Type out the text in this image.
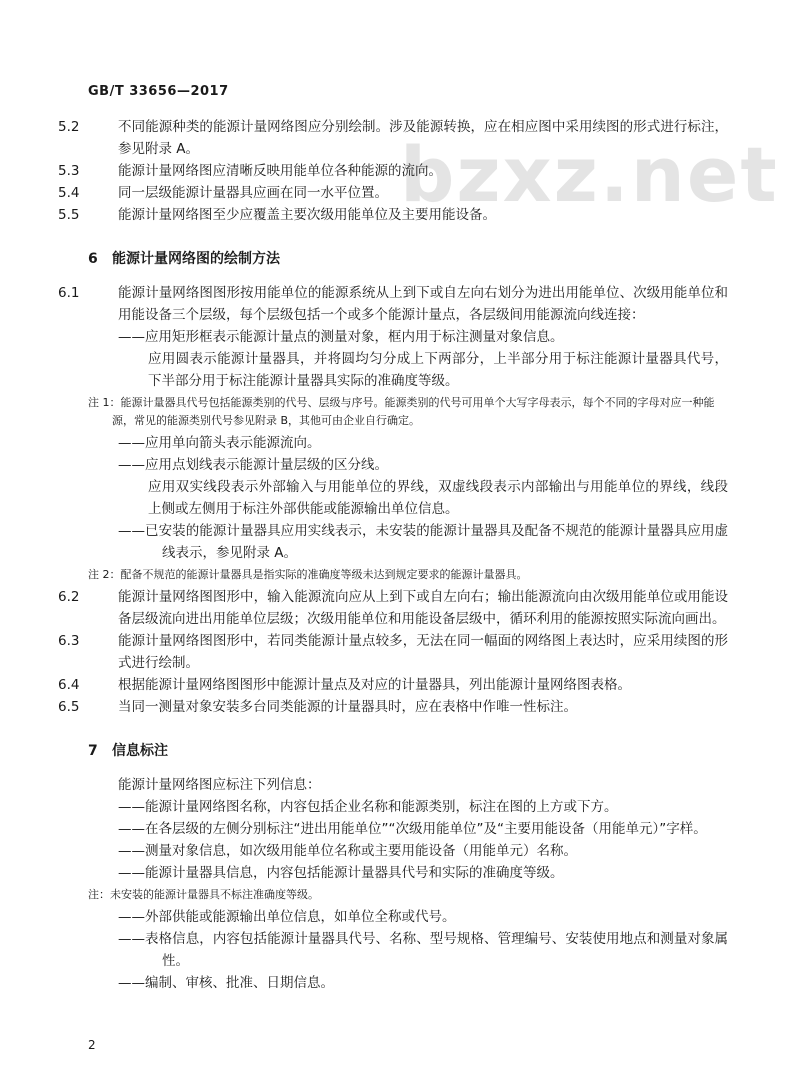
GB/T 33656—2017
bzxz.net

5.2	不同能源种类的能源计量网络图应分别绘制。涉及能源转换，应在相应图中采用续图的形式进行标注，参见附录 A。

5.3	能源计量网络图应清晰反映用能单位各种能源的流向。

5.4	同一层级能源计量器具应画在同一水平位置。

5.5	能源计量网络图至少应覆盖主要次级用能单位及主要用能设备。

6 能源计量网络图的绘制方法

6.1	能源计量网络图图形按用能单位的能源系统从上到下或自左向右划分为进出用能单位、次级用能单位和用能设备三个层级，每个层级包括一个或多个能源计量点，各层级间用能源流向线连接：

——应用矩形框表示能源计量点的测量对象，框内用于标注测量对象信息。

应用圆表示能源计量器具，并将圆均匀分成上下两部分，上半部分用于标注能源计量器具代号，下半部分用于标注能源计量器具实际的准确度等级。

注 1：能源计量器具代号包括能源类别的代号、层级与序号。能源类别的代号可用单个大写字母表示，每个不同的字母对应一种能源，常见的能源类别代号参见附录 B，其他可由企业自行确定。

——应用单向箭头表示能源流向。

——应用点划线表示能源计量层级的区分线。

应用双实线段表示外部输入与用能单位的界线，双虚线段表示内部输出与用能单位的界线，线段上侧或左侧用于标注外部供能或能源输出单位信息。

——已安装的能源计量器具应用实线表示，未安装的能源计量器具及配备不规范的能源计量器具应用虚线表示，参见附录 A。

注 2：配备不规范的能源计量器具是指实际的准确度等级未达到规定要求的能源计量器具。

6.2	能源计量网络图图形中，输入能源流向应从上到下或自左向右；输出能源流向由次级用能单位或用能设备层级流向进出用能单位层级；次级用能单位和用能设备层级中，循环利用的能源按照实际流向画出。

6.3	能源计量网络图图形中，若同类能源计量点较多，无法在同一幅面的网络图上表达时，应采用续图的形式进行绘制。

6.4	根据能源计量网络图图形中能源计量点及对应的计量器具，列出能源计量网络图表格。

6.5	当同一测量对象安装多台同类能源的计量器具时，应在表格中作唯一性标注。

7 信息标注

能源计量网络图应标注下列信息：

——能源计量网络图名称，内容包括企业名称和能源类别，标注在图的上方或下方。

——在各层级的左侧分别标注“进出用能单位”“次级用能单位”及“主要用能设备（用能单元）”字样。

——测量对象信息，如次级用能单位名称或主要用能设备（用能单元）名称。

——能源计量器具信息，内容包括能源计量器具代号和实际的准确度等级。

注：未安装的能源计量器具不标注准确度等级。

——外部供能或能源输出单位信息，如单位全称或代号。

——表格信息，内容包括能源计量器具代号、名称、型号规格、管理编号、安装使用地点和测量对象属性。

——编制、审核、批准、日期信息。

2
